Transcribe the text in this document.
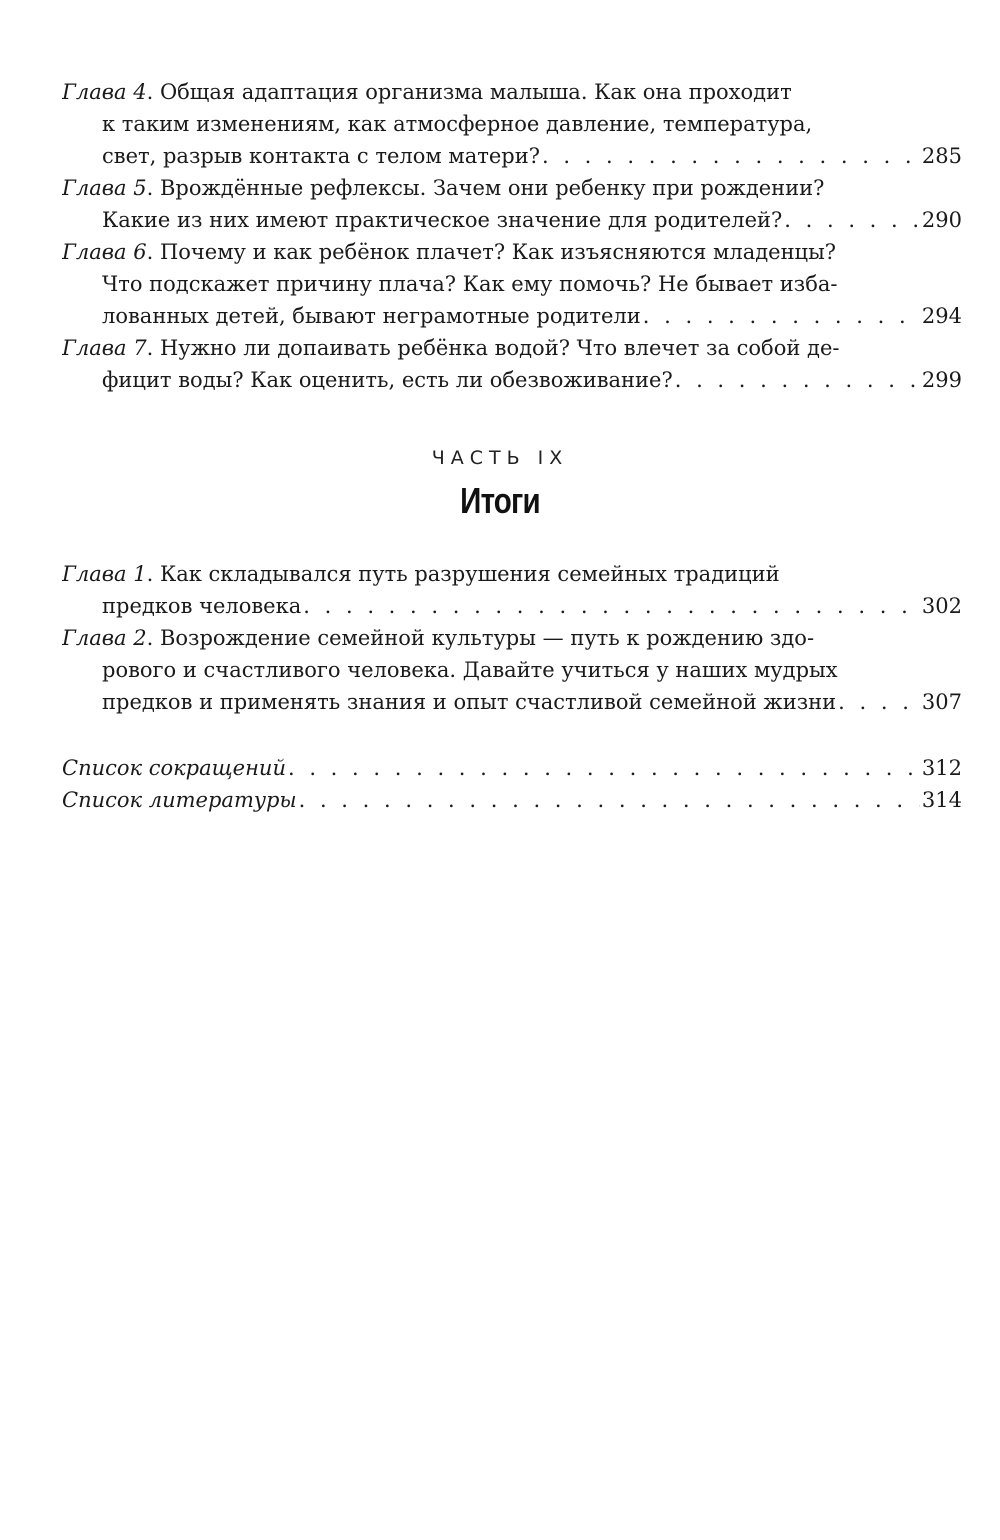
Глава 4. Общая адаптация организма малыша. Как она проходит
к таким изменениям, как атмосферное давление, температура,
свет, разрыв контакта с телом матери? . . .	285
Глава 5. Врождённые рефлексы. Зачем они ребенку при рождении?
Какие из них имеют практическое значение для родителей? . . .	290
Глава 6. Почему и как ребёнок плачет? Как изъясняются младенцы?
Что подскажет причину плача? Как ему помочь? Не бывает изба-
лованных детей, бывают неграмотные родители . . .	294
Глава 7. Нужно ли допаивать ребёнка водой? Что влечет за собой де-
фицит воды? Как оценить, есть ли обезвоживание? . . .	299
ЧАСТЬ IX
Итоги
Глава 1. Как складывался путь разрушения семейных традиций
предков человека . . .	302
Глава 2. Возрождение семейной культуры — путь к рождению здо-
рового и счастливого человека. Давайте учиться у наших мудрых
предков и применять знания и опыт счастливой семейной жизни . . .	307
Список сокращений . . .	312
Список литературы . . .	314
